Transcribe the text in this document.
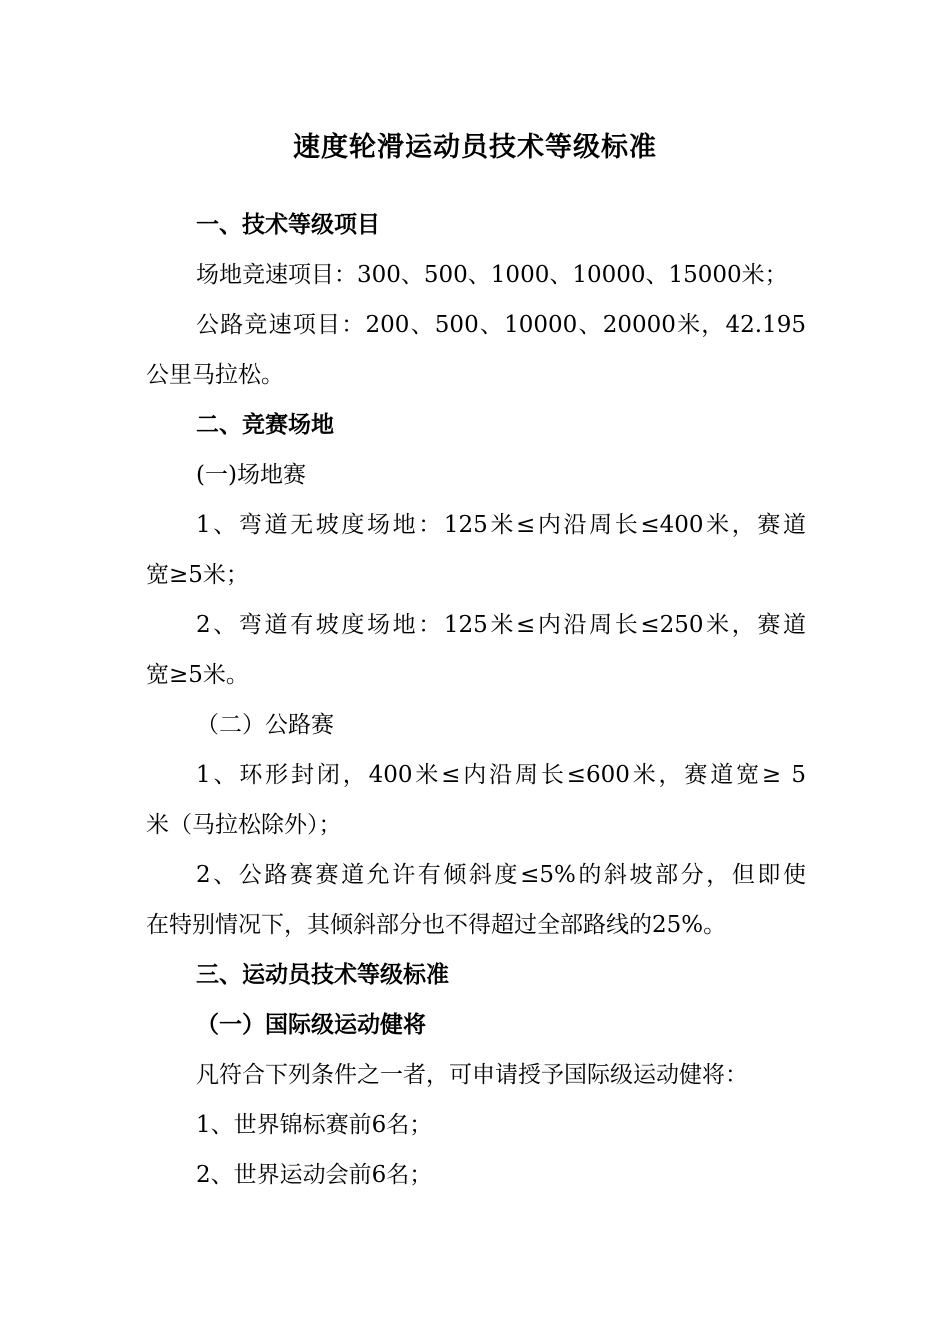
速度轮滑运动员技术等级标准
一、技术等级项目
场地竞速项目：300、500、1000、10000、15000米；
公路竞速项目：200、500、10000、20000米，42.195
公里马拉松。
二、竞赛场地
(一)场地赛
1、弯道无坡度场地：125米≤内沿周长≤400米，赛道
宽≥5米；
2、弯道有坡度场地：125米≤内沿周长≤250米，赛道
宽≥5米。
（二）公路赛
1、环形封闭，400米≤内沿周长≤600米，赛道宽≥ 5
米（马拉松除外）；
2、公路赛赛道允许有倾斜度≤5%的斜坡部分，但即使
在特别情况下，其倾斜部分也不得超过全部路线的25%。
三、运动员技术等级标准
（一）国际级运动健将
凡符合下列条件之一者，可申请授予国际级运动健将：
1、世界锦标赛前6名；
2、世界运动会前6名；
